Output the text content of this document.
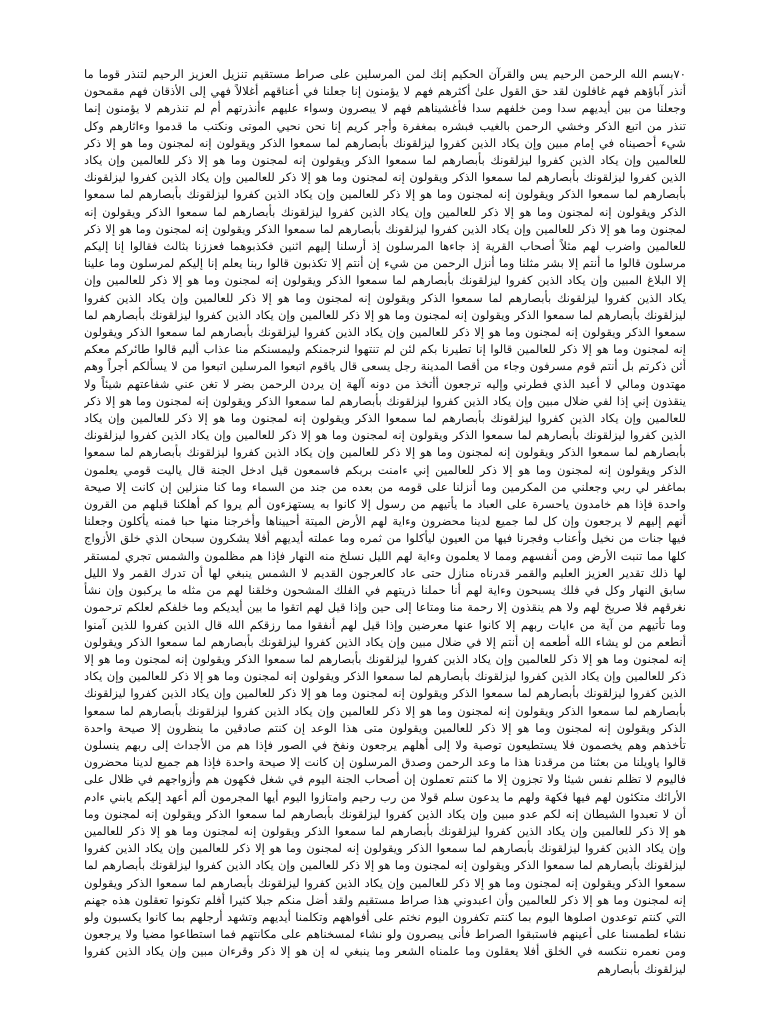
٧٠بسم الله الرحمن الرحيم يس والقرآن الحكيم إنك لمن المرسلين على صراط مستقيم تنزيل العزيز الرحيم لتنذر قوما ما أنذر آباؤهم فهم غافلون لقد حق القول علىٰ أكثرهم فهم لا يؤمنون إنا جعلنا في أعناقهم أغلالاً فهي إلى الأذقان فهم مقمحون وجعلنا من بين أيديهم سدا ومن خلفهم سدا فأغشيناهم فهم لا يبصرون وسواء عليهم ءأنذرتهم أم لم تنذرهم لا يؤمنون إنما تنذر من اتبع الذكر وخشي الرحمن بالغيب فبشره بمغفرة وأجر كريم إنا نحن نحيي الموتى ونكتب ما قدموا وءاثارهم وكل شيء أحصيناه في إمام مبين وإن يكاد الذين كفروا ليزلقونك بأبصارهم لما سمعوا الذكر ويقولون إنه لمجنون وما هو إلا ذكر للعالمين وإن يكاد الذين كفروا ليزلقونك بأبصارهم لما سمعوا الذكر ويقولون إنه لمجنون وما هو إلا ذكر للعالمين وإن يكاد الذين كفروا ليزلقونك بأبصارهم لما سمعوا الذكر ويقولون إنه لمجنون وما هو إلا ذكر للعالمين وإن يكاد الذين كفروا ليزلقونك بأبصارهم لما سمعوا الذكر ويقولون إنه لمجنون وما هو إلا ذكر للعالمين وإن يكاد الذين كفروا ليزلقونك بأبصارهم لما سمعوا الذكر ويقولون إنه لمجنون وما هو إلا ذكر للعالمين وإن يكاد الذين كفروا ليزلقونك بأبصارهم لما سمعوا الذكر ويقولون إنه لمجنون وما هو إلا ذكر للعالمين وإن يكاد الذين كفروا ليزلقونك بأبصارهم لما سمعوا الذكر ويقولون إنه لمجنون وما هو إلا ذكر للعالمين واضرب لهم مثلاً أصحاب القرية إذ جاءها المرسلون إذ أرسلنا إليهم اثنين فكذبوهما فعززنا بثالث فقالوا إنا إليكم مرسلون قالوا ما أنتم إلا بشر مثلنا وما أنزل الرحمن من شيء إن أنتم إلا تكذبون قالوا ربنا يعلم إنا إليكم لمرسلون وما علينا إلا البلاغ المبين وإن يكاد الذين كفروا ليزلقونك بأبصارهم لما سمعوا الذكر ويقولون إنه لمجنون وما هو إلا ذكر للعالمين وإن يكاد الذين كفروا ليزلقونك بأبصارهم لما سمعوا الذكر ويقولون إنه لمجنون وما هو إلا ذكر للعالمين وإن يكاد الذين كفروا ليزلقونك بأبصارهم لما سمعوا الذكر ويقولون إنه لمجنون وما هو إلا ذكر للعالمين وإن يكاد الذين كفروا ليزلقونك بأبصارهم لما سمعوا الذكر ويقولون إنه لمجنون وما هو إلا ذكر للعالمين وإن يكاد الذين كفروا ليزلقونك بأبصارهم لما سمعوا الذكر ويقولون إنه لمجنون وما هو إلا ذكر للعالمين قالوا إنا تطيرنا بكم لئن لم تنتهوا لنرجمنكم وليمسنكم منا عذاب أليم قالوا طائركم معكم أئن ذكرتم بل أنتم قوم مسرفون وجاء من أقصا المدينة رجل يسعى قال ياقوم اتبعوا المرسلين اتبعوا من لا يسألكم أجراً وهم مهتدون ومالي لا أعبد الذي فطرني وإليه ترجعون أأتخذ من دونه آلهة إن يردن الرحمن بضر لا تغن عني شفاعتهم شيئاً ولا ينقذون إني إذا لفي ضلال مبين وإن يكاد الذين كفروا ليزلقونك بأبصارهم لما سمعوا الذكر ويقولون إنه لمجنون وما هو إلا ذكر للعالمين وإن يكاد الذين كفروا ليزلقونك بأبصارهم لما سمعوا الذكر ويقولون إنه لمجنون وما هو إلا ذكر للعالمين وإن يكاد الذين كفروا ليزلقونك بأبصارهم لما سمعوا الذكر ويقولون إنه لمجنون وما هو إلا ذكر للعالمين وإن يكاد الذين كفروا ليزلقونك بأبصارهم لما سمعوا الذكر ويقولون إنه لمجنون وما هو إلا ذكر للعالمين وإن يكاد الذين كفروا ليزلقونك بأبصارهم لما سمعوا الذكر ويقولون إنه لمجنون وما هو إلا ذكر للعالمين إني ءامنت بربكم فاسمعون قيل ادخل الجنة قال ياليت قومي يعلمون بماغفر لي ربي وجعلني من المكرمين وما أنزلنا على قومه من بعده من جند من السماء وما كنا منزلين إن كانت إلا صيحة واحدة فإذا هم خامدون ياحسرة على العباد ما يأتيهم من رسول إلا كانوا به يستهزءون ألم يروا كم أهلكنا قبلهم من القرون أنهم إليهم لا يرجعون وإن كل لما جميع لدينا محضرون وءاية لهم الأرض الميتة أحييناها وأخرجنا منها حبا فمنه يأكلون وجعلنا فيها جنات من نخيل وأعناب وفجرنا فيها من العيون ليأكلوا من ثمره وما عملته أيديهم أفلا يشكرون سبحان الذي خلق الأزواج كلها مما تنبت الأرض ومن أنفسهم ومما لا يعلمون وءاية لهم الليل نسلخ منه النهار فإذا هم مظلمون والشمس تجري لمستقر لها ذلك تقدير العزيز العليم والقمر قدرناه منازل حتى عاد كالعرجون القديم لا الشمس ينبغي لها أن تدرك القمر ولا الليل سابق النهار وكل في فلك يسبحون وءاية لهم أنا حملنا ذريتهم في الفلك المشحون وخلقنا لهم من مثله ما يركبون وإن نشأ نغرقهم فلا صريخ لهم ولا هم ينقذون إلا رحمة منا ومتاعا إلى حين وإذا قيل لهم اتقوا ما بين أيديكم وما خلفكم لعلكم ترحمون وما تأتيهم من آية من ءايات ربهم إلا كانوا عنها معرضين وإذا قيل لهم أنفقوا مما رزقكم الله قال الذين كفروا للذين آمنوا أنطعم من لو يشاء الله أطعمه إن أنتم إلا في ضلال مبين وإن يكاد الذين كفروا ليزلقونك بأبصارهم لما سمعوا الذكر ويقولون إنه لمجنون وما هو إلا ذكر للعالمين وإن يكاد الذين كفروا ليزلقونك بأبصارهم لما سمعوا الذكر ويقولون إنه لمجنون وما هو إلا ذكر للعالمين وإن يكاد الذين كفروا ليزلقونك بأبصارهم لما سمعوا الذكر ويقولون إنه لمجنون وما هو إلا ذكر للعالمين وإن يكاد الذين كفروا ليزلقونك بأبصارهم لما سمعوا الذكر ويقولون إنه لمجنون وما هو إلا ذكر للعالمين وإن يكاد الذين كفروا ليزلقونك بأبصارهم لما سمعوا الذكر ويقولون إنه لمجنون وما هو إلا ذكر للعالمين وإن يكاد الذين كفروا ليزلقونك بأبصارهم لما سمعوا الذكر ويقولون إنه لمجنون وما هو إلا ذكر للعالمين ويقولون متى هذا الوعد إن كنتم صادقين ما ينظرون إلا صيحة واحدة تأخذهم وهم يخصمون فلا يستطيعون توصية ولا إلى أهلهم يرجعون ونفخ في الصور فإذا هم من الأجداث إلى ربهم ينسلون قالوا ياويلنا من بعثنا من مرقدنا هذا ما وعد الرحمن وصدق المرسلون إن كانت إلا صيحة واحدة فإذا هم جميع لدينا محضرون فاليوم لا تظلم نفس شيئا ولا تجزون إلا ما كنتم تعملون إن أصحاب الجنة اليوم في شغل فكهون هم وأزواجهم في ظلال على الأرائك متكئون لهم فيها فكهة ولهم ما يدعون سلم قولا من رب رحيم وامتازوا اليوم أيها المجرمون ألم أعهد إليكم يابني ءادم أن لا تعبدوا الشيطان إنه لكم عدو مبين وإن يكاد الذين كفروا ليزلقونك بأبصارهم لما سمعوا الذكر ويقولون إنه لمجنون وما هو إلا ذكر للعالمين وإن يكاد الذين كفروا ليزلقونك بأبصارهم لما سمعوا الذكر ويقولون إنه لمجنون وما هو إلا ذكر للعالمين وإن يكاد الذين كفروا ليزلقونك بأبصارهم لما سمعوا الذكر ويقولون إنه لمجنون وما هو إلا ذكر للعالمين وإن يكاد الذين كفروا ليزلقونك بأبصارهم لما سمعوا الذكر ويقولون إنه لمجنون وما هو إلا ذكر للعالمين وإن يكاد الذين كفروا ليزلقونك بأبصارهم لما سمعوا الذكر ويقولون إنه لمجنون وما هو إلا ذكر للعالمين وإن يكاد الذين كفروا ليزلقونك بأبصارهم لما سمعوا الذكر ويقولون إنه لمجنون وما هو إلا ذكر للعالمين وأن اعبدوني هذا صراط مستقيم ولقد أضل منكم جبلا كثيرا أفلم تكونوا تعقلون هذه جهنم التي كنتم توعدون اصلوها اليوم بما كنتم تكفرون اليوم نختم على أفواههم وتكلمنا أيديهم وتشهد أرجلهم بما كانوا يكسبون ولو نشاء لطمسنا على أعينهم فاستبقوا الصراط فأنى يبصرون ولو نشاء لمسخناهم على مكانتهم فما استطاعوا مضيا ولا يرجعون ومن نعمره ننكسه في الخلق أفلا يعقلون وما علمناه الشعر وما ينبغي له إن هو إلا ذكر وقرءان مبين وإن يكاد الذين كفروا ليزلقونك بأبصارهم
